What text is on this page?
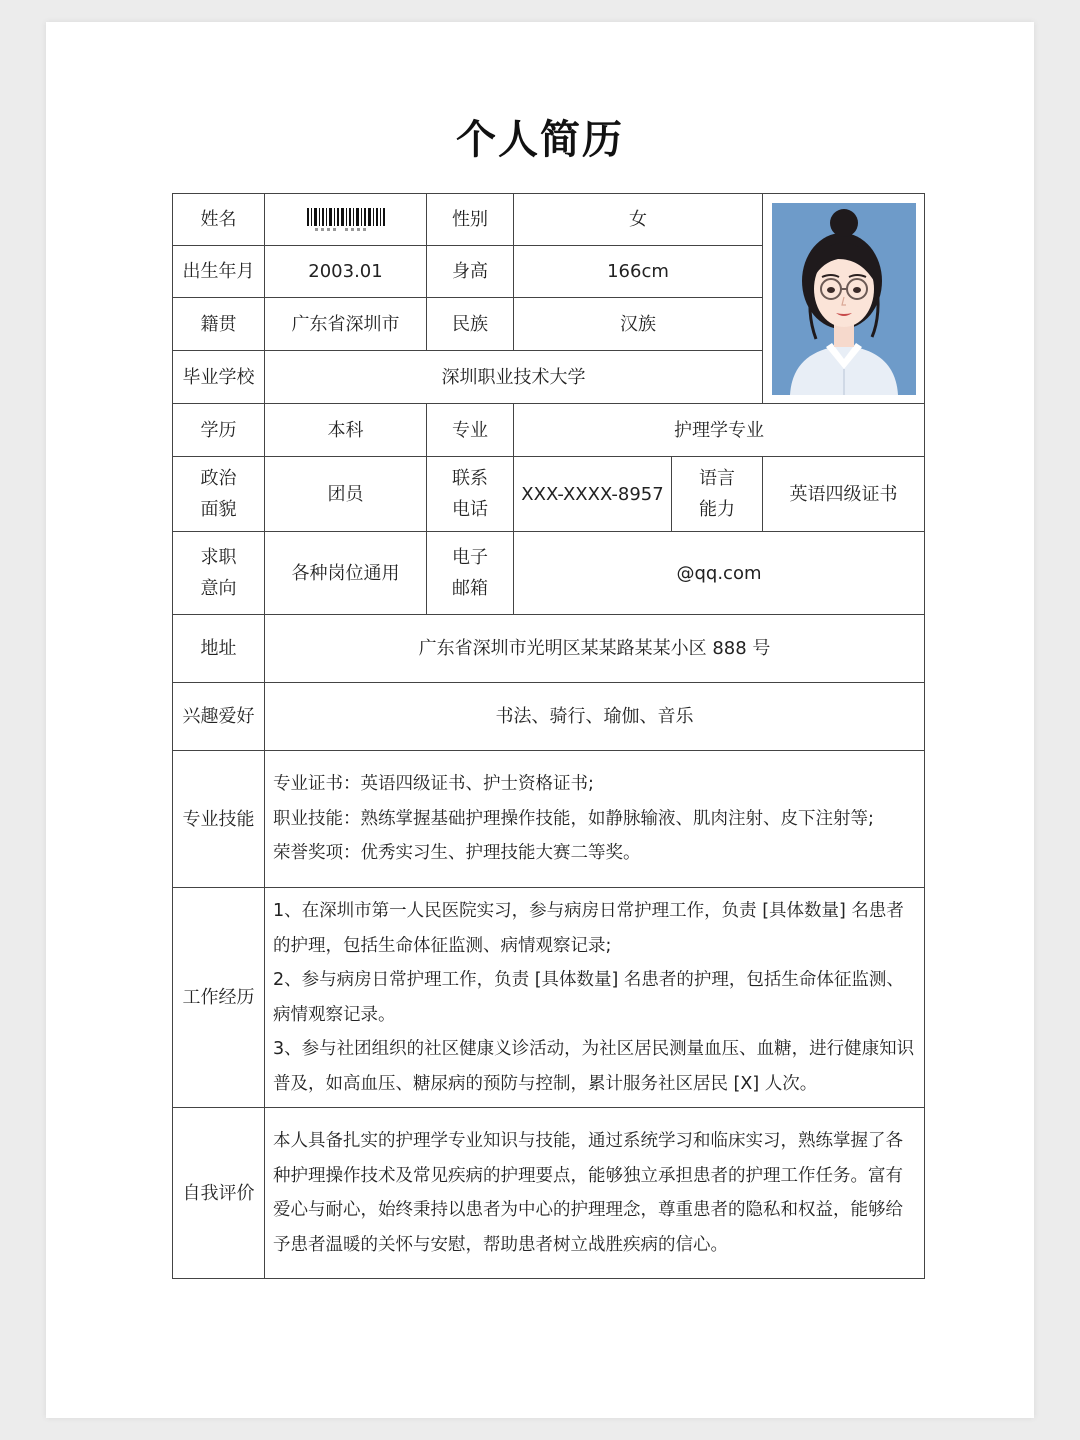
个人简历
姓名		性别	女	

出生年月	2003.01	身高	166cm		
籍贯	广东省深圳市	民族	汉族		
毕业学校	深圳职业技术大学				
学历	本科	专业	护理学专业		
政治面貌	团员	联系电话	XXX-XXXX-8957	语言能力	英语四级证书
求职意向	各种岗位通用	电子邮箱	@qq.com		
地址	广东省深圳市光明区某某路某某小区 888 号				
兴趣爱好	书法、骑行、瑜伽、音乐				
专业技能	专业证书：英语四级证书、护士资格证书;
职业技能：熟练掌握基础护理操作技能，如静脉输液、肌肉注射、皮下注射等;
荣誉奖项：优秀实习生、护理技能大赛二等奖。				

工作经历	1、在深圳市第一人民医院实习，参与病房日常护理工作，负责 [具体数量] 名患者的护理，包括生命体征监测、病情观察记录;
2、参与病房日常护理工作，负责 [具体数量] 名患者的护理，包括生命体征监测、病情观察记录。
3、参与社团组织的社区健康义诊活动，为社区居民测量血压、血糖，进行健康知识普及，如高血压、糖尿病的预防与控制，累计服务社区居民 [X] 人次。				

自我评价	本人具备扎实的护理学专业知识与技能，通过系统学习和临床实习，熟练掌握了各种护理操作技术及常见疾病的护理要点，能够独立承担患者的护理工作任务。富有爱心与耐心，始终秉持以患者为中心的护理理念，尊重患者的隐私和权益，能够给予患者温暖的关怀与安慰，帮助患者树立战胜疾病的信心。				
